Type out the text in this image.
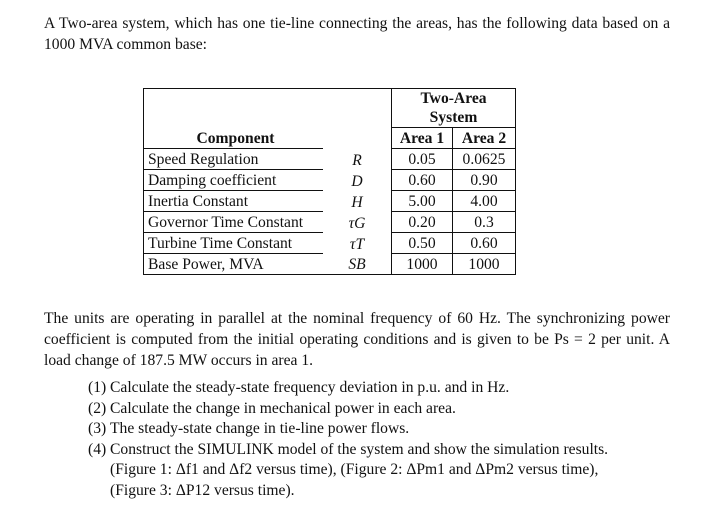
A Two-area system, which has one tie-line connecting the areas, has the following data based on a 1000 MVA common base:

		Two-Area
System	

Component		Area 1	Area 2
Speed Regulation	R	0.05	0.0625
Damping coefficient	D	0.60	0.90
Inertia Constant	H	5.00	4.00
Governor Time Constant	τG	0.20	0.3
Turbine Time Constant	τT	0.50	0.60
Base Power, MVA	SB	1000	1000
The units are operating in parallel at the nominal frequency of 60 Hz. The synchronizing power coefficient is computed from the initial operating conditions and is given to be Ps = 2 per unit. A load change of 187.5 MW occurs in area 1.
(1) Calculate the steady-state frequency deviation in p.u. and in Hz.
(2) Calculate the change in mechanical power in each area.
(3) The steady-state change in tie-line power flows.
(4) Construct the SIMULINK model of the system and show the simulation results.
(Figure 1: Δf1 and Δf2 versus time), (Figure 2: ΔPm1 and ΔPm2 versus time),
(Figure 3: ΔP12 versus time).
